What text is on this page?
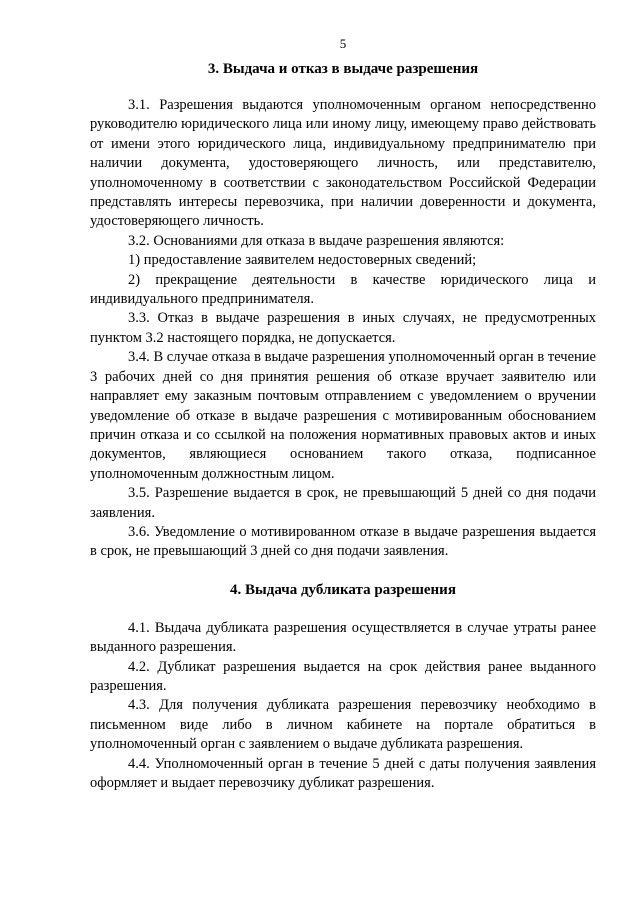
5
3. Выдача и отказ в выдаче разрешения

3.1. Разрешения выдаются уполномоченным органом непосредственно руководителю юридического лица или иному лицу, имеющему право действовать от имени этого юридического лица, индивидуальному предпринимателю при наличии документа, удостоверяющего личность, или представителю, уполномоченному в соответствии с законодательством Российской Федерации представлять интересы перевозчика, при наличии доверенности и документа, удостоверяющего личность.

3.2. Основаниями для отказа в выдаче разрешения являются:

1) предоставление заявителем недостоверных сведений;

2) прекращение деятельности в качестве юридического лица и индивидуального предпринимателя.

3.3. Отказ в выдаче разрешения в иных случаях, не предусмотренных пунктом 3.2 настоящего порядка, не допускается.

3.4. В случае отказа в выдаче разрешения уполномоченный орган в течение 3 рабочих дней со дня принятия решения об отказе вручает заявителю или направляет ему заказным почтовым отправлением с уведомлением о вручении уведомление об отказе в выдаче разрешения с мотивированным обоснованием причин отказа и со ссылкой на положения нормативных правовых актов и иных документов, являющиеся основанием такого отказа, подписанное уполномоченным должностным лицом.

3.5. Разрешение выдается в срок, не превышающий 5 дней со дня подачи заявления.

3.6. Уведомление о мотивированном отказе в выдаче разрешения выдается в срок, не превышающий 3 дней со дня подачи заявления.

4. Выдача дубликата разрешения

4.1. Выдача дубликата разрешения осуществляется в случае утраты ранее выданного разрешения.

4.2. Дубликат разрешения выдается на срок действия ранее выданного разрешения.

4.3. Для получения дубликата разрешения перевозчику необходимо в письменном виде либо в личном кабинете на портале обратиться в уполномоченный орган с заявлением о выдаче дубликата разрешения.

4.4. Уполномоченный орган в течение 5 дней с даты получения заявления оформляет и выдает перевозчику дубликат разрешения.
